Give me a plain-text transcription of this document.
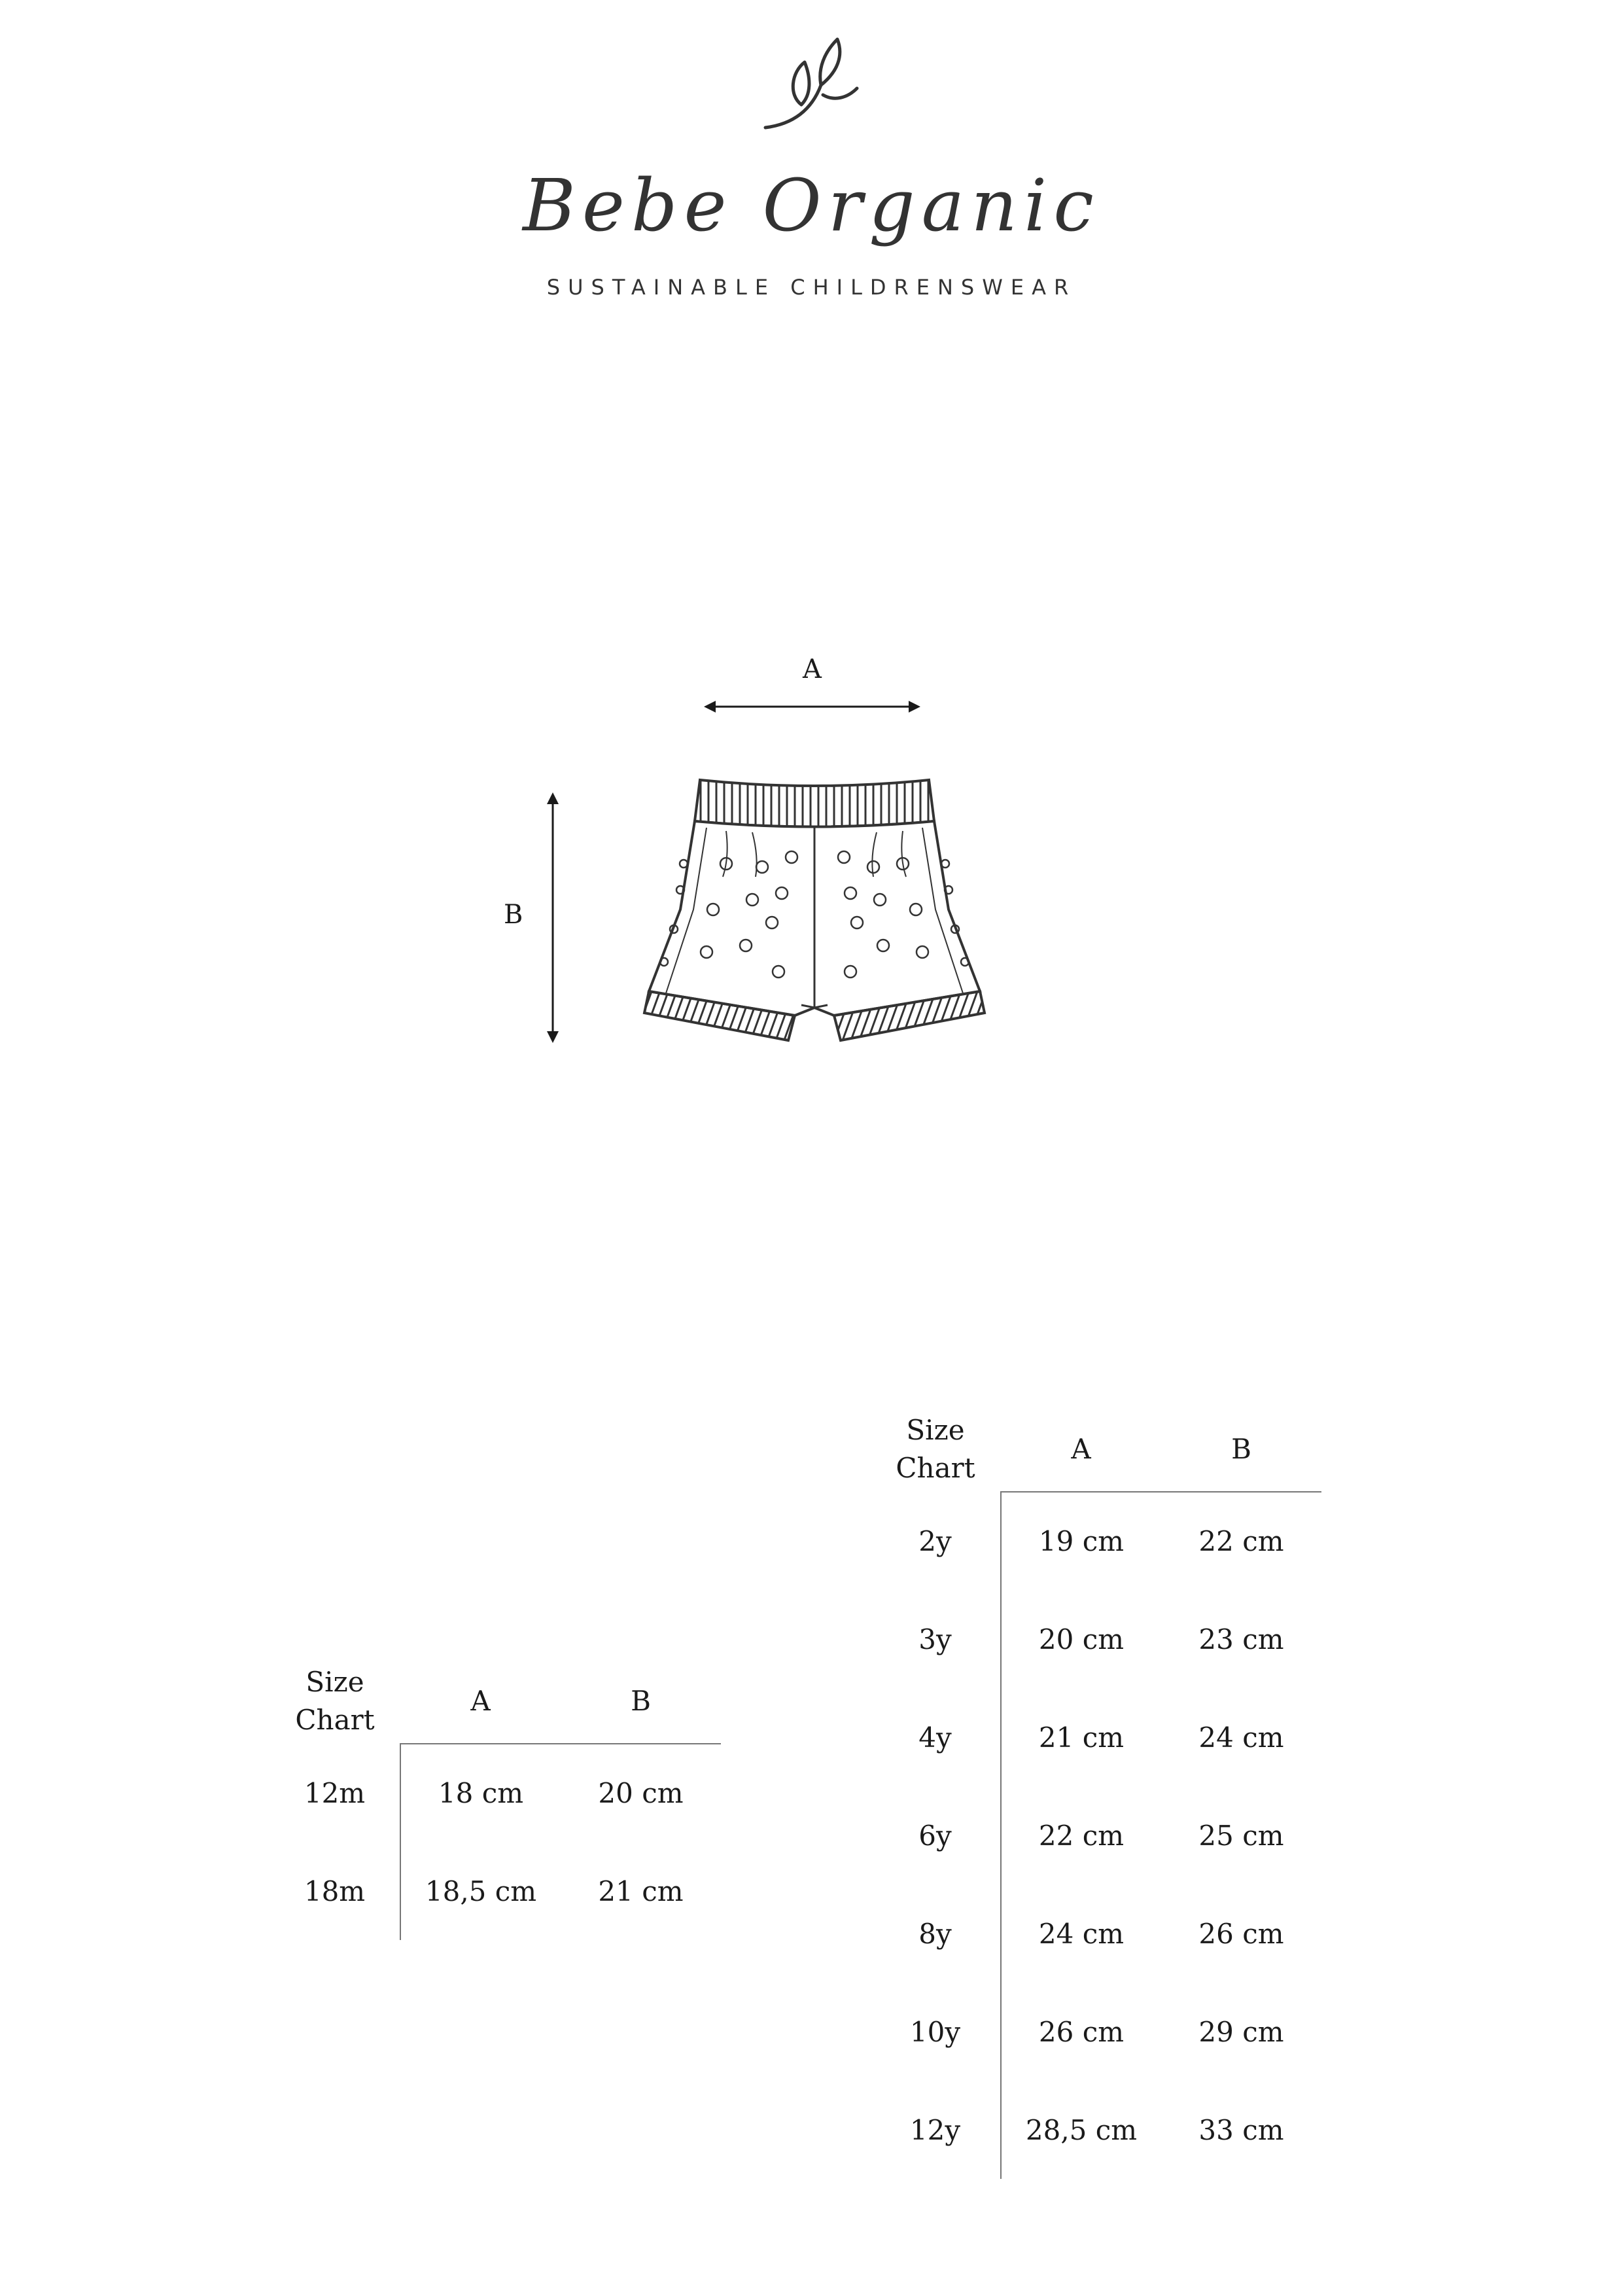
Bebe Organic
SUSTAINABLE CHILDRENSWEAR
A
B
Size
Chart	A	B
12m	18 cm	20 cm
18m	18,5 cm	21 cm
Size
Chart	A	B
2y	19 cm	22 cm
3y	20 cm	23 cm
4y	21 cm	24 cm
6y	22 cm	25 cm
8y	24 cm	26 cm
10y	26 cm	29 cm
12y	28,5 cm	33 cm
